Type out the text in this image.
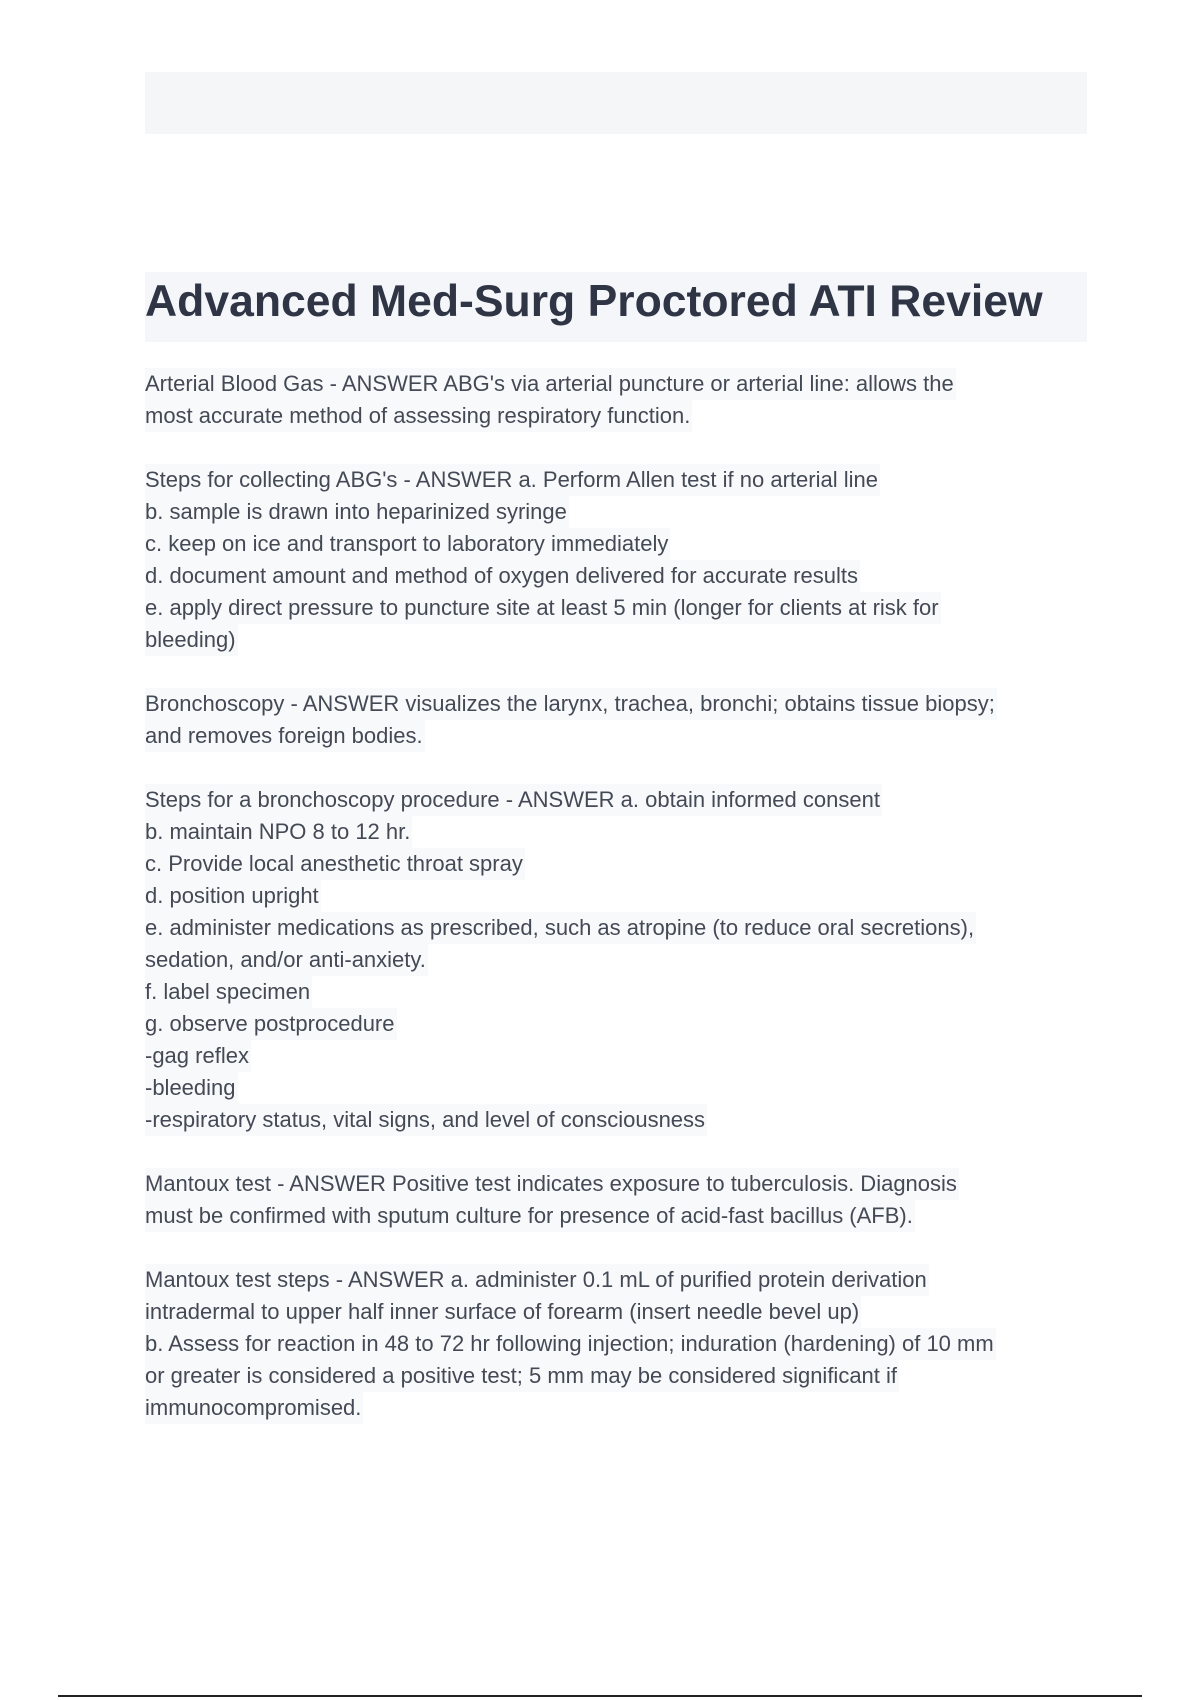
Advanced Med-Surg Proctored ATI Review
Arterial Blood Gas - ANSWER ABG's via arterial puncture or arterial line: allows the
most accurate method of assessing respiratory function.
Steps for collecting ABG's - ANSWER a. Perform Allen test if no arterial line
b. sample is drawn into heparinized syringe
c. keep on ice and transport to laboratory immediately
d. document amount and method of oxygen delivered for accurate results
e. apply direct pressure to puncture site at least 5 min (longer for clients at risk for
bleeding)
Bronchoscopy - ANSWER visualizes the larynx, trachea, bronchi; obtains tissue biopsy;
and removes foreign bodies.
Steps for a bronchoscopy procedure - ANSWER a. obtain informed consent
b. maintain NPO 8 to 12 hr.
c. Provide local anesthetic throat spray
d. position upright
e. administer medications as prescribed, such as atropine (to reduce oral secretions),
sedation, and/or anti-anxiety.
f. label specimen
g. observe postprocedure
-gag reflex
-bleeding
-respiratory status, vital signs, and level of consciousness
Mantoux test - ANSWER Positive test indicates exposure to tuberculosis. Diagnosis
must be confirmed with sputum culture for presence of acid-fast bacillus (AFB).
Mantoux test steps - ANSWER a. administer 0.1 mL of purified protein derivation
intradermal to upper half inner surface of forearm (insert needle bevel up)
b. Assess for reaction in 48 to 72 hr following injection; induration (hardening) of 10 mm
or greater is considered a positive test; 5 mm may be considered significant if
immunocompromised.
